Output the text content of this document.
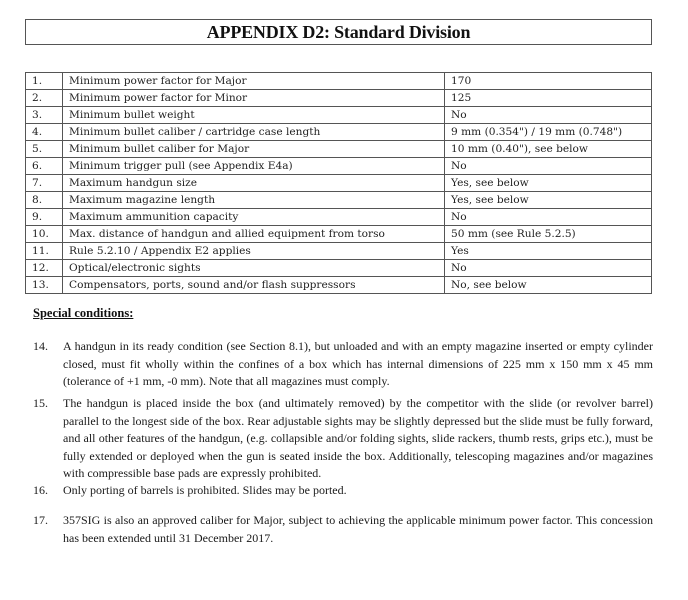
APPENDIX D2: Standard Division
1.	Minimum power factor for Major	170
2.	Minimum power factor for Minor	125
3.	Minimum bullet weight	No
4.	Minimum bullet caliber / cartridge case length	9 mm (0.354") / 19 mm (0.748")
5.	Minimum bullet caliber for Major	10 mm (0.40"), see below
6.	Minimum trigger pull (see Appendix E4a)	No
7.	Maximum handgun size	Yes, see below
8.	Maximum magazine length	Yes, see below
9.	Maximum ammunition capacity	No
10.	Max. distance of handgun and allied equipment from torso	50 mm (see Rule 5.2.5)
11.	Rule 5.2.10 / Appendix E2 applies	Yes
12.	Optical/electronic sights	No
13.	Compensators, ports, sound and/or flash suppressors	No, see below
Special conditions:
14.	A handgun in its ready condition (see Section 8.1), but unloaded and with an empty magazine inserted or empty cylinder closed, must fit wholly within the confines of a box which has internal dimensions of 225 mm x 150 mm x 45 mm (tolerance of +1 mm, -0 mm). Note that all magazines must comply.
15.	The handgun is placed inside the box (and ultimately removed) by the competitor with the slide (or revolver barrel) parallel to the longest side of the box. Rear adjustable sights may be slightly depressed but the slide must be fully forward, and all other features of the handgun, (e.g. collapsible and/or folding sights, slide rackers, thumb rests, grips etc.), must be fully extended or deployed when the gun is seated inside the box. Additionally, telescoping magazines and/or magazines with compressible base pads are expressly prohibited.
16.	Only porting of barrels is prohibited. Slides may be ported.
17.	357SIG is also an approved caliber for Major, subject to achieving the applicable minimum power factor. This concession has been extended until 31 December 2017.
